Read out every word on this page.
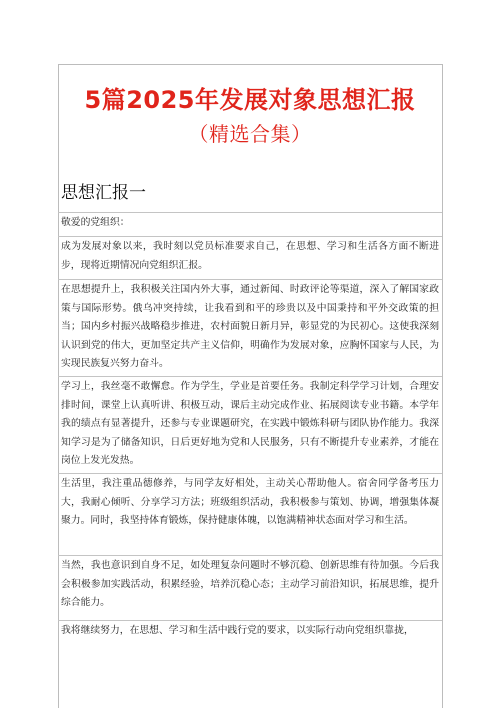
5篇2025年发展对象思想汇报
（精选合集）
思想汇报一
敬爱的党组织：
成为发展对象以来，我时刻以党员标准要求自己，在思想、学习和生活各方面不断进步，现将近期情况向党组织汇报。
在思想提升上，我积极关注国内外大事，通过新闻、时政评论等渠道，深入了解国家政策与国际形势。俄乌冲突持续，让我看到和平的珍贵以及中国秉持和平外交政策的担当；国内乡村振兴战略稳步推进，农村面貌日新月异，彰显党的为民初心。这使我深刻认识到党的伟大，更加坚定共产主义信仰，明确作为发展对象，应胸怀国家与人民，为实现民族复兴努力奋斗。
学习上，我丝毫不敢懈怠。作为学生，学业是首要任务。我制定科学学习计划，合理安排时间，课堂上认真听讲、积极互动，课后主动完成作业、拓展阅读专业书籍。本学年我的绩点有显著提升，还参与专业课题研究，在实践中锻炼科研与团队协作能力。我深知学习是为了储备知识，日后更好地为党和人民服务，只有不断提升专业素养，才能在岗位上发光发热。
生活里，我注重品德修养，与同学友好相处，主动关心帮助他人。宿舍同学备考压力大，我耐心倾听、分享学习方法；班级组织活动，我积极参与策划、协调，增强集体凝聚力。同时，我坚持体育锻炼，保持健康体魄，以饱满精神状态面对学习和生活。
当然，我也意识到自身不足，如处理复杂问题时不够沉稳、创新思维有待加强。今后我会积极参加实践活动，积累经验，培养沉稳心态；主动学习前沿知识，拓展思维，提升综合能力。
我将继续努力，在思想、学习和生活中践行党的要求，以实际行动向党组织靠拢，
